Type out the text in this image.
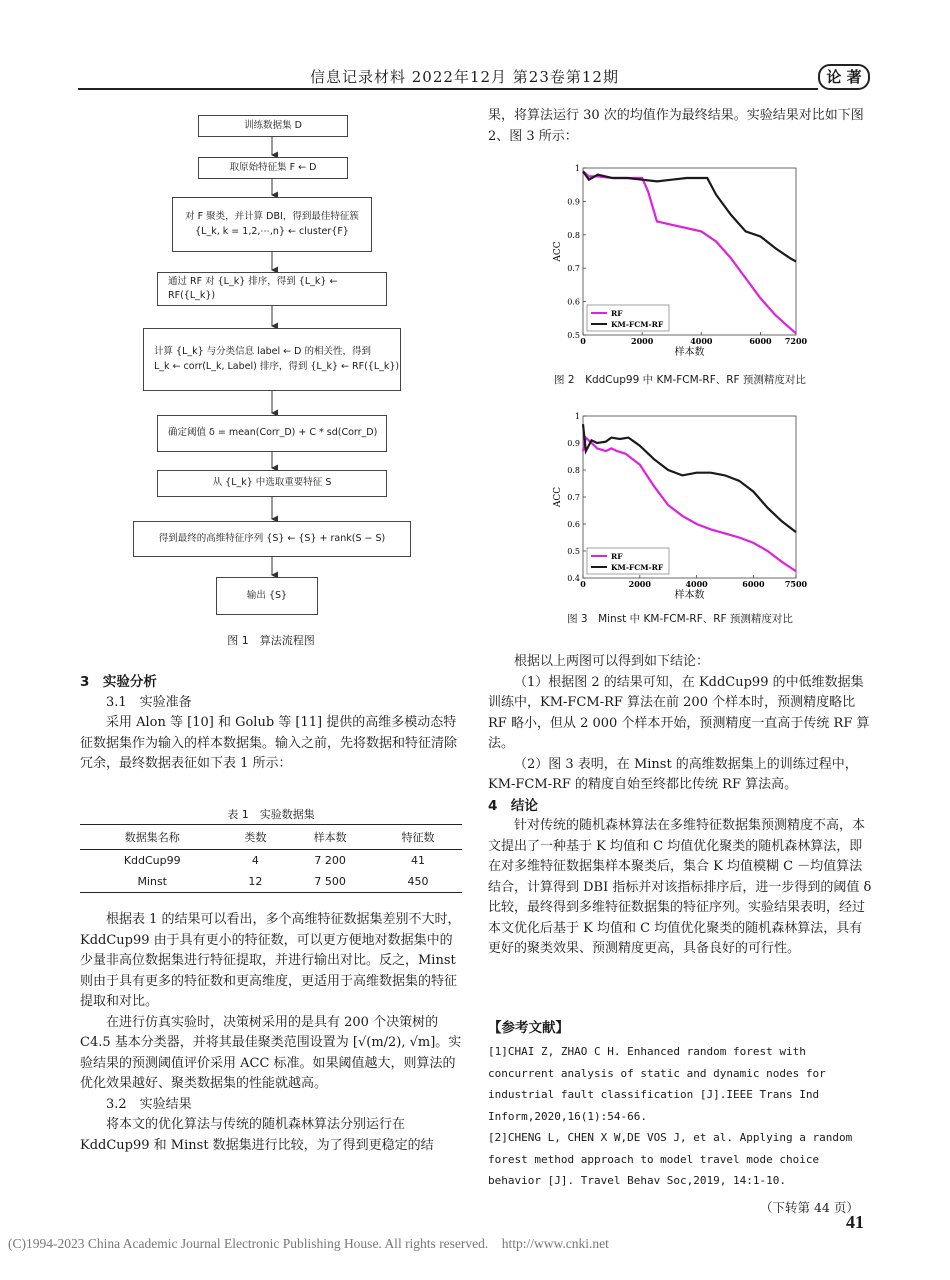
信息记录材料 2022年12月 第23卷第12期	论 著
训练数据集 D
取原始特征集 F ← D
对 F 聚类，并计算 DBI，得到最佳特征簇
{L_k, k = 1,2,⋯,n} ← cluster{F}
通过 RF 对 {L_k} 排序，得到 {L_k} ← RF({L_k})
计算 {L_k} 与分类信息 label ← D 的相关性，得到
L_k ← corr(L_k, Label) 排序，得到 {L_k} ← RF({L_k})
确定阈值 δ = mean(Corr_D) + C * sd(Corr_D)
从 {L_k} 中选取重要特征 S
得到最终的高维特征序列 {S} ← {S} + rank(S − S)
输出 {S}
图 1　算法流程图

3　实验分析

3.1　实验准备

采用 Alon 等 [10] 和 Golub 等 [11] 提供的高维多模动态特征数据集作为输入的样本数据集。输入之前，先将数据和特征清除冗余，最终数据表征如下表 1 所示：

表 1　实验数据集
数据集名称	类数	样本数	特征数
KddCup99	4	7 200	41
Minst	12	7 500	450

根据表 1 的结果可以看出，多个高维特征数据集差别不大时，KddCup99 由于具有更小的特征数，可以更方便地对数据集中的少量非高位数据集进行特征提取，并进行输出对比。反之，Minst 则由于具有更多的特征数和更高维度，更适用于高维数据集的特征提取和对比。

在进行仿真实验时，决策树采用的是具有 200 个决策树的 C4.5 基本分类器，并将其最佳聚类范围设置为 [√(m/2), √m]。实验结果的预测阈值评价采用 ACC 标准。如果阈值越大，则算法的优化效果越好、聚类数据集的性能就越高。

3.2　实验结果

将本文的优化算法与传统的随机森林算法分别运行在 KddCup99 和 Minst 数据集进行比较，为了得到更稳定的结

果，将算法运行 30 次的均值作为最终结果。实验结果对比如下图 2、图 3 所示：

0.5
0.6
0.7
0.8
0.9
1
0	2000	4000	6000 7200
样本数
ACC
RF
KM-FCM-RF
图 2　KddCup99 中 KM-FCM-RF、RF 预测精度对比
0.4
0.5
0.6
0.7
0.8
0.9
1
0	2000	4000	6000	7500
样本数
ACC
RF
KM-FCM-RF
图 3　Minst 中 KM-FCM-RF、RF 预测精度对比

根据以上两图可以得到如下结论：

（1）根据图 2 的结果可知，在 KddCup99 的中低维数据集训练中，KM-FCM-RF 算法在前 200 个样本时，预测精度略比 RF 略小，但从 2 000 个样本开始，预测精度一直高于传统 RF 算法。

（2）图 3 表明，在 Minst 的高维数据集上的训练过程中，KM-FCM-RF 的精度自始至终都比传统 RF 算法高。

4　结论

针对传统的随机森林算法在多维特征数据集预测精度不高，本文提出了一种基于 K 均值和 C 均值优化聚类的随机森林算法，即在对多维特征数据集样本聚类后，集合 K 均值模糊 C －均值算法结合，计算得到 DBI 指标并对该指标排序后，进一步得到的阈值 δ 比较，最终得到多维特征数据集的特征序列。实验结果表明，经过本文优化后基于 K 均值和 C 均值优化聚类的随机森林算法，具有更好的聚类效果、预测精度更高，具备良好的可行性。

【参考文献】
[1]CHAI Z, ZHAO C H. Enhanced random forest with concurrent analysis of static and dynamic nodes for industrial fault classification [J].IEEE Trans Ind Inform,2020,16(1):54-66.
[2]CHENG L, CHEN X W,DE VOS J, et al. Applying a random forest method approach to model travel mode choice behavior [J]. Travel Behav Soc,2019, 14:1-10.
（下转第 44 页）
41
(C)1994-2023 China Academic Journal Electronic Publishing House. All rights reserved.    http://www.cnki.net
